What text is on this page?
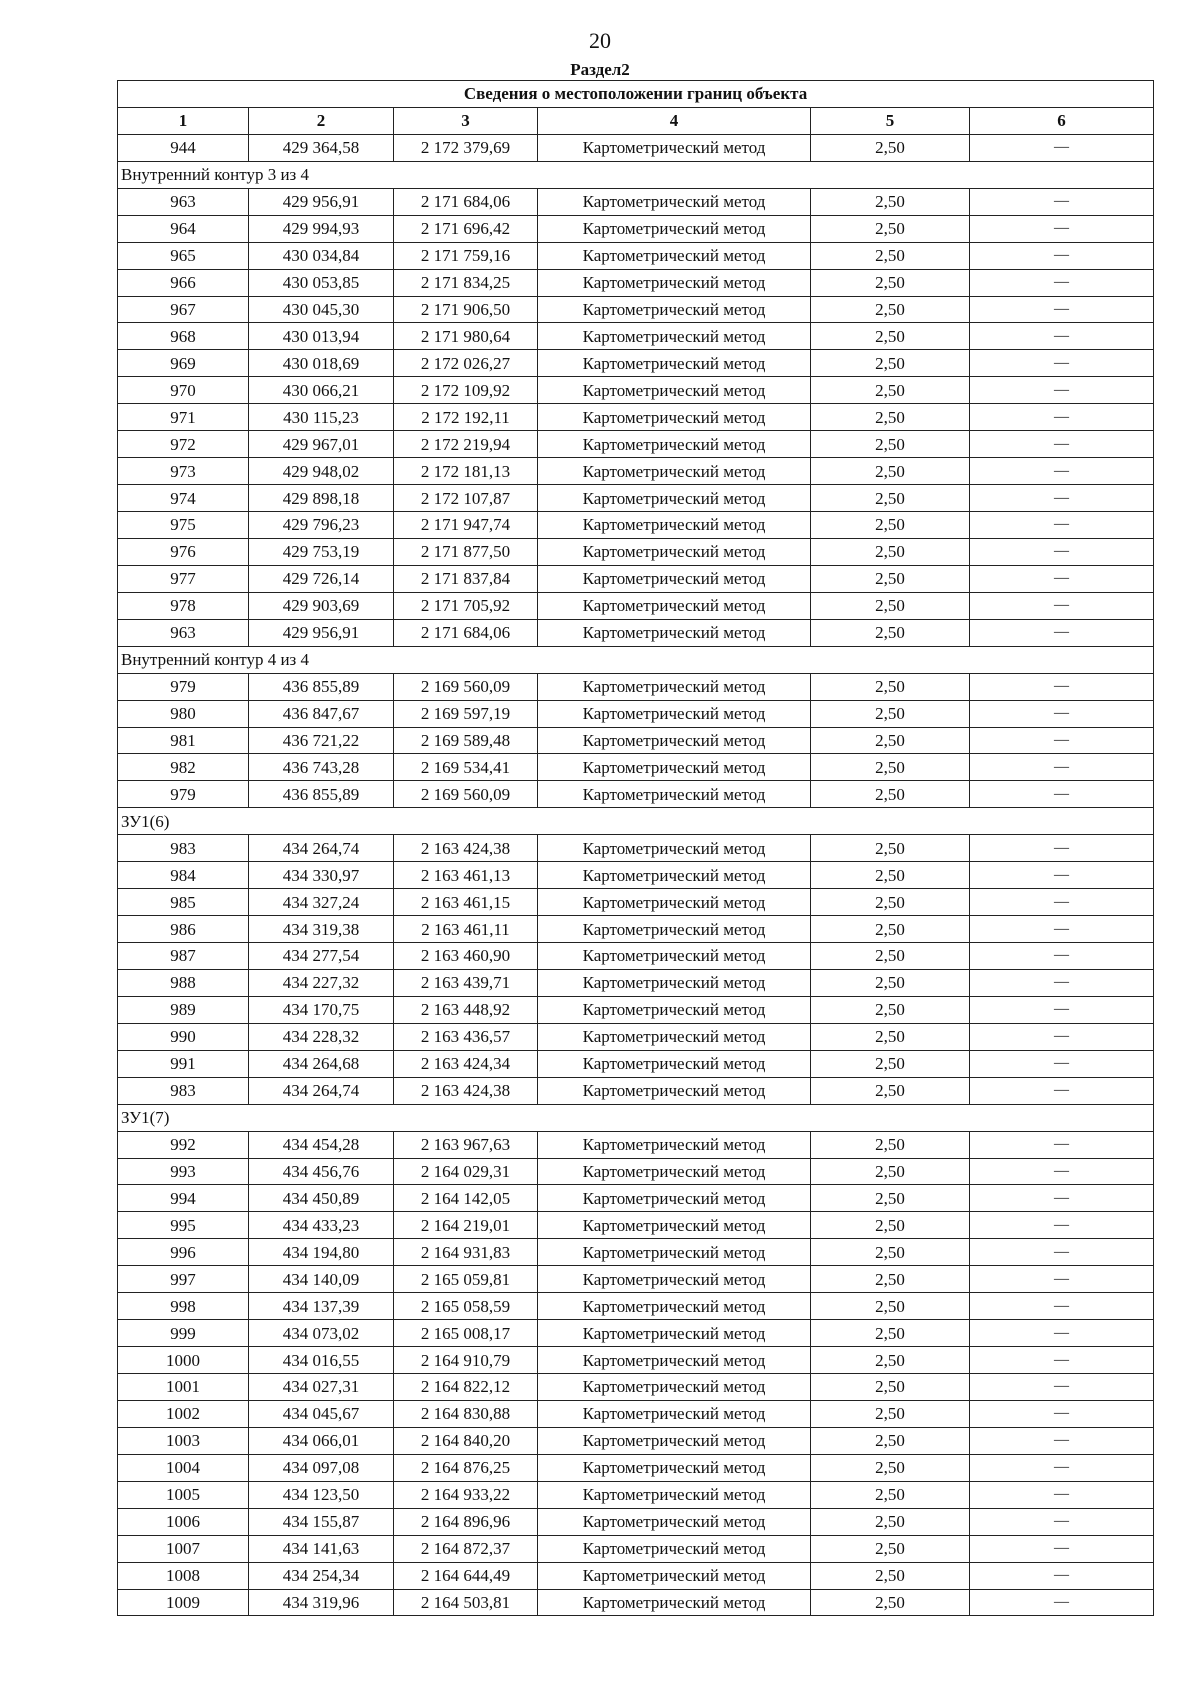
20
Раздел2
Сведения о местоположении границ объекта					
1	2	3	4	5	6
944	429 364,58	2 172 379,69	Картометрический метод	2,50	—
Внутренний контур 3 из 4					
963	429 956,91	2 171 684,06	Картометрический метод	2,50	—
964	429 994,93	2 171 696,42	Картометрический метод	2,50	—
965	430 034,84	2 171 759,16	Картометрический метод	2,50	—
966	430 053,85	2 171 834,25	Картометрический метод	2,50	—
967	430 045,30	2 171 906,50	Картометрический метод	2,50	—
968	430 013,94	2 171 980,64	Картометрический метод	2,50	—
969	430 018,69	2 172 026,27	Картометрический метод	2,50	—
970	430 066,21	2 172 109,92	Картометрический метод	2,50	—
971	430 115,23	2 172 192,11	Картометрический метод	2,50	—
972	429 967,01	2 172 219,94	Картометрический метод	2,50	—
973	429 948,02	2 172 181,13	Картометрический метод	2,50	—
974	429 898,18	2 172 107,87	Картометрический метод	2,50	—
975	429 796,23	2 171 947,74	Картометрический метод	2,50	—
976	429 753,19	2 171 877,50	Картометрический метод	2,50	—
977	429 726,14	2 171 837,84	Картометрический метод	2,50	—
978	429 903,69	2 171 705,92	Картометрический метод	2,50	—
963	429 956,91	2 171 684,06	Картометрический метод	2,50	—
Внутренний контур 4 из 4					
979	436 855,89	2 169 560,09	Картометрический метод	2,50	—
980	436 847,67	2 169 597,19	Картометрический метод	2,50	—
981	436 721,22	2 169 589,48	Картометрический метод	2,50	—
982	436 743,28	2 169 534,41	Картометрический метод	2,50	—
979	436 855,89	2 169 560,09	Картометрический метод	2,50	—
ЗУ1(6)					
983	434 264,74	2 163 424,38	Картометрический метод	2,50	—
984	434 330,97	2 163 461,13	Картометрический метод	2,50	—
985	434 327,24	2 163 461,15	Картометрический метод	2,50	—
986	434 319,38	2 163 461,11	Картометрический метод	2,50	—
987	434 277,54	2 163 460,90	Картометрический метод	2,50	—
988	434 227,32	2 163 439,71	Картометрический метод	2,50	—
989	434 170,75	2 163 448,92	Картометрический метод	2,50	—
990	434 228,32	2 163 436,57	Картометрический метод	2,50	—
991	434 264,68	2 163 424,34	Картометрический метод	2,50	—
983	434 264,74	2 163 424,38	Картометрический метод	2,50	—
ЗУ1(7)					
992	434 454,28	2 163 967,63	Картометрический метод	2,50	—
993	434 456,76	2 164 029,31	Картометрический метод	2,50	—
994	434 450,89	2 164 142,05	Картометрический метод	2,50	—
995	434 433,23	2 164 219,01	Картометрический метод	2,50	—
996	434 194,80	2 164 931,83	Картометрический метод	2,50	—
997	434 140,09	2 165 059,81	Картометрический метод	2,50	—
998	434 137,39	2 165 058,59	Картометрический метод	2,50	—
999	434 073,02	2 165 008,17	Картометрический метод	2,50	—
1000	434 016,55	2 164 910,79	Картометрический метод	2,50	—
1001	434 027,31	2 164 822,12	Картометрический метод	2,50	—
1002	434 045,67	2 164 830,88	Картометрический метод	2,50	—
1003	434 066,01	2 164 840,20	Картометрический метод	2,50	—
1004	434 097,08	2 164 876,25	Картометрический метод	2,50	—
1005	434 123,50	2 164 933,22	Картометрический метод	2,50	—
1006	434 155,87	2 164 896,96	Картометрический метод	2,50	—
1007	434 141,63	2 164 872,37	Картометрический метод	2,50	—
1008	434 254,34	2 164 644,49	Картометрический метод	2,50	—
1009	434 319,96	2 164 503,81	Картометрический метод	2,50	—
